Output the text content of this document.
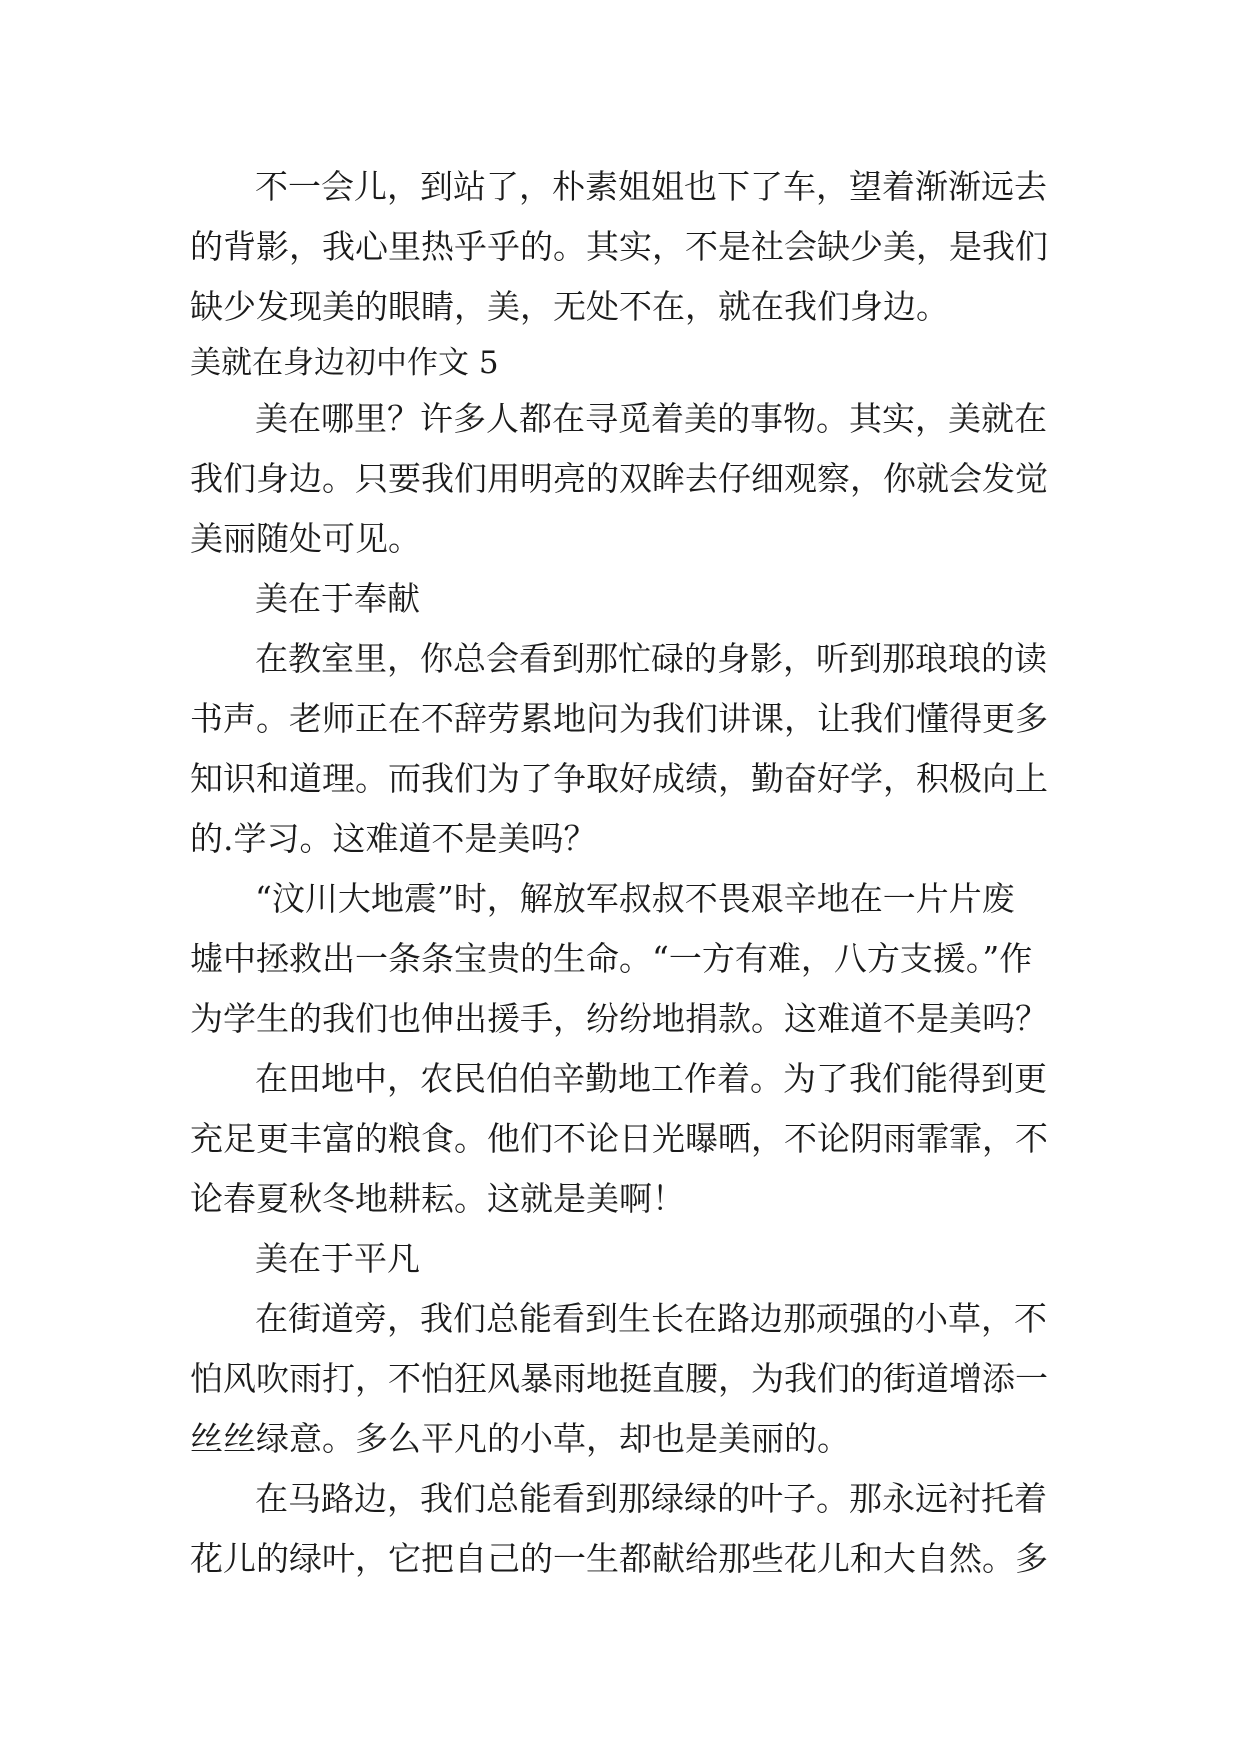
不一会儿，到站了，朴素姐姐也下了车，望着渐渐远去
的背影，我心里热乎乎的。其实，不是社会缺少美，是我们
缺少发现美的眼睛，美，无处不在，就在我们身边。
美就在身边初中作文 5
美在哪里？许多人都在寻觅着美的事物。其实，美就在
我们身边。只要我们用明亮的双眸去仔细观察，你就会发觉
美丽随处可见。
美在于奉献
在教室里，你总会看到那忙碌的身影，听到那琅琅的读
书声。老师正在不辞劳累地问为我们讲课，让我们懂得更多
知识和道理。而我们为了争取好成绩，勤奋好学，积极向上
的.学习。这难道不是美吗？
“汶川大地震”时，解放军叔叔不畏艰辛地在一片片废
墟中拯救出一条条宝贵的生命。“一方有难，八方支援。”作
为学生的我们也伸出援手，纷纷地捐款。这难道不是美吗？
在田地中，农民伯伯辛勤地工作着。为了我们能得到更
充足更丰富的粮食。他们不论日光曝晒，不论阴雨霏霏，不
论春夏秋冬地耕耘。这就是美啊！
美在于平凡
在街道旁，我们总能看到生长在路边那顽强的小草，不
怕风吹雨打，不怕狂风暴雨地挺直腰，为我们的街道增添一
丝丝绿意。多么平凡的小草，却也是美丽的。
在马路边，我们总能看到那绿绿的叶子。那永远衬托着
花儿的绿叶，它把自己的一生都献给那些花儿和大自然。多
